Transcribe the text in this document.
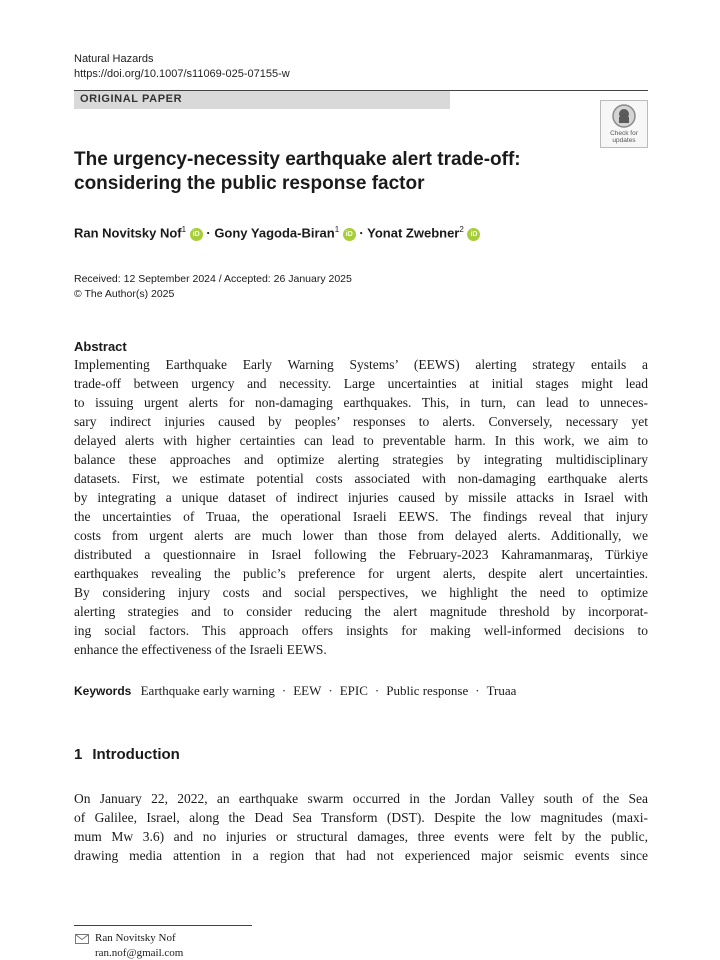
Natural Hazards
https://doi.org/10.1007/s11069-025-07155-w
ORIGINAL PAPER
Check for
updates
The urgency-necessity earthquake alert trade-off:
considering the public response factor
Ran Novitsky Nof$^1$ iD · Gony Yagoda-Biran$^1$ iD · Yonat Zwebner$^2$ iD
Received: 12 September 2024 / Accepted: 26 January 2025
© The Author(s) 2025
Abstract
Implementing Earthquake Early Warning Systems’ (EEWS) alerting strategy entails a
trade-off between urgency and necessity. Large uncertainties at initial stages might lead
to issuing urgent alerts for non-damaging earthquakes. This, in turn, can lead to unneces-
sary indirect injuries caused by peoples’ responses to alerts. Conversely, necessary yet
delayed alerts with higher certainties can lead to preventable harm. In this work, we aim to
balance these approaches and optimize alerting strategies by integrating multidisciplinary
datasets. First, we estimate potential costs associated with non-damaging earthquake alerts
by integrating a unique dataset of indirect injuries caused by missile attacks in Israel with
the uncertainties of Truaa, the operational Israeli EEWS. The findings reveal that injury
costs from urgent alerts are much lower than those from delayed alerts. Additionally, we
distributed a questionnaire in Israel following the February-2023 Kahramanmaraş, Türkiye
earthquakes revealing the public’s preference for urgent alerts, despite alert uncertainties.
By considering injury costs and social perspectives, we highlight the need to optimize
alerting strategies and to consider reducing the alert magnitude threshold by incorporat-
ing social factors. This approach offers insights for making well-informed decisions to
enhance the effectiveness of the Israeli EEWS.
Keywords Earthquake early warning · EEW · EPIC · Public response · Truaa
1 Introduction
On January 22, 2022, an earthquake swarm occurred in the Jordan Valley south of the Sea
of Galilee, Israel, along the Dead Sea Transform (DST). Despite the low magnitudes (maxi-
mum Mw 3.6) and no injuries or structural damages, three events were felt by the public,
drawing media attention in a region that had not experienced major seismic events since
Ran Novitsky Nof
ran.nof@gmail.com
